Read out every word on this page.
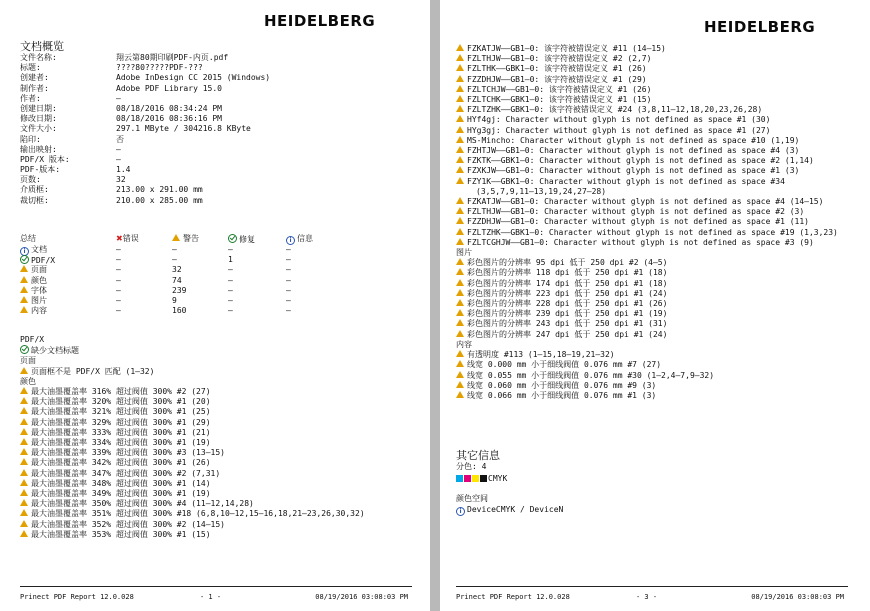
HEIDELBERG
文档概览
文件名称:	翔云第80期印刷PDF-内页.pdf
标题:	????80?????PDF-???
创建者:	Adobe InDesign CC 2015 (Windows)
制作者:	Adobe PDF Library 15.0
作者:	–
创建日期:	08/18/2016 08:34:24 PM
修改日期:	08/18/2016 08:36:16 PM
文件大小:	297.1 MByte / 304216.8 KByte
陷印:	否
输出映射:	–
PDF/X 版本:	–
PDF-版本:	1.4
页数:	32
介质框:	213.00 x 291.00 mm
裁切框:	210.00 x 285.00 mm
总结	✖错误	警告	修复	i 信息
i 文档	–	–	–	–
PDF/X	–	–	1	–
页面	–	32	–	–
颜色	–	74	–	–
字体	–	239	–	–
图片	–	9	–	–
内容	–	160	–	–
PDF/X
缺少文档标题
页面
页面框不是 PDF/X 匹配 (1–32)
颜色
最大油墨覆盖率 316% 超过阀值 300% #2 (27)
最大油墨覆盖率 320% 超过阀值 300% #1 (20)
最大油墨覆盖率 321% 超过阀值 300% #1 (25)
最大油墨覆盖率 329% 超过阀值 300% #1 (29)
最大油墨覆盖率 333% 超过阀值 300% #1 (21)
最大油墨覆盖率 334% 超过阀值 300% #1 (19)
最大油墨覆盖率 339% 超过阀值 300% #3 (13–15)
最大油墨覆盖率 342% 超过阀值 300% #1 (26)
最大油墨覆盖率 347% 超过阀值 300% #2 (7,31)
最大油墨覆盖率 348% 超过阀值 300% #1 (14)
最大油墨覆盖率 349% 超过阀值 300% #1 (19)
最大油墨覆盖率 350% 超过阀值 300% #4 (11–12,14,28)
最大油墨覆盖率 351% 超过阀值 300% #18 (6,8,10–12,15–16,18,21–23,26,30,32)
最大油墨覆盖率 352% 超过阀值 300% #2 (14–15)
最大油墨覆盖率 353% 超过阀值 300% #1 (15)
Prinect PDF Report 12.0.028	- 1 -	08/19/2016 03:08:03 PM
HEIDELBERG
FZKATJW––GB1–0: 该字符被错误定义 #11 (14–15)
FZLTHJW––GB1–0: 该字符被错误定义 #2 (2,7)
FZLTHK––GBK1–0: 该字符被错误定义 #1 (26)
FZZDHJW––GB1–0: 该字符被错误定义 #1 (29)
FZLTCHJW––GB1–0: 该字符被错误定义 #1 (26)
FZLTCHK––GBK1–0: 该字符被错误定义 #1 (15)
FZLTZHK––GBK1–0: 该字符被错误定义 #24 (3,8,11–12,18,20,23,26,28)
HYf4gj: Character without glyph is not defined as space #1 (30)
HYg3gj: Character without glyph is not defined as space #1 (27)
MS-Mincho: Character without glyph is not defined as space #10 (1,19)
FZHTJW––GB1–0: Character without glyph is not defined as space #4 (3)
FZKTK––GBK1–0: Character without glyph is not defined as space #2 (1,14)
FZXKJW––GB1–0: Character without glyph is not defined as space #1 (3)
FZY1K––GBK1–0: Character without glyph is not defined as space #34
(3,5,7,9,11–13,19,24,27–28)
FZKATJW––GB1–0: Character without glyph is not defined as space #4 (14–15)
FZLTHJW––GB1–0: Character without glyph is not defined as space #2 (3)
FZZDHJW––GB1–0: Character without glyph is not defined as space #1 (11)
FZLTZHK––GBK1–0: Character without glyph is not defined as space #19 (1,3,23)
FZLTCGHJW––GB1–0: Character without glyph is not defined as space #3 (9)
图片
彩色图片的分辨率 95 dpi 低于 250 dpi #2 (4–5)
彩色图片的分辨率 118 dpi 低于 250 dpi #1 (18)
彩色图片的分辨率 174 dpi 低于 250 dpi #1 (18)
彩色图片的分辨率 223 dpi 低于 250 dpi #1 (24)
彩色图片的分辨率 228 dpi 低于 250 dpi #1 (26)
彩色图片的分辨率 239 dpi 低于 250 dpi #1 (19)
彩色图片的分辨率 243 dpi 低于 250 dpi #1 (31)
彩色图片的分辨率 247 dpi 低于 250 dpi #1 (24)
内容
有透明度 #113 (1–15,18–19,21–32)
线宽 0.000 mm 小于细线阀值 0.076 mm #7 (27)
线宽 0.055 mm 小于细线阀值 0.076 mm #30 (1–2,4–7,9–32)
线宽 0.060 mm 小于细线阀值 0.076 mm #9 (3)
线宽 0.066 mm 小于细线阀值 0.076 mm #1 (3)
其它信息
分色: 4
CMYK
颜色空间
i DeviceCMYK / DeviceN
Prinect PDF Report 12.0.028	- 3 -	08/19/2016 03:08:03 PM
